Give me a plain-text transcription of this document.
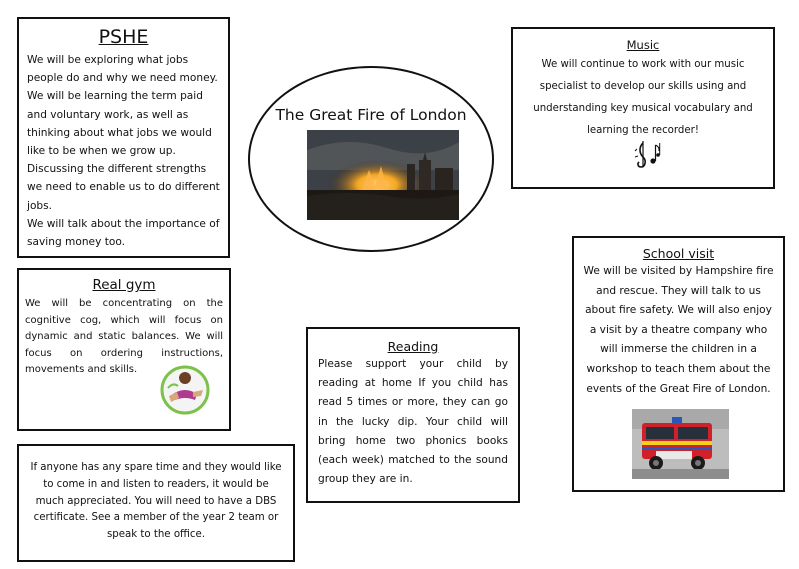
PSHE
We will be exploring what jobs people do and why we need money. We will be learning the term paid and voluntary work, as well as thinking about what jobs we would like to be when we grow up. Discussing the different strengths we need to enable us to do different jobs.
We will talk about the importance of saving money too.
Real gym
We will be concentrating on the cognitive cog, which will focus on dynamic and static balances. We will focus on ordering instructions, movements and skills.
If anyone has any spare time and they would like to come in and listen to readers, it would be much appreciated. You will need to have a DBS certificate. See a member of the year 2 team or speak to the office.
The Great Fire of London
Reading
Please support your child by reading at home If you child has read 5 times or more, they can go in the lucky dip. Your child will bring home two phonics books (each week) matched to the sound group they are in.
Music
We will continue to work with our music specialist to develop our skills using and understanding key musical vocabulary and learning the recorder!
School visit
We will be visited by Hampshire fire and rescue. They will talk to us about fire safety. We will also enjoy a visit by a theatre company who will immerse the children in a workshop to teach them about the events of the Great Fire of London.
